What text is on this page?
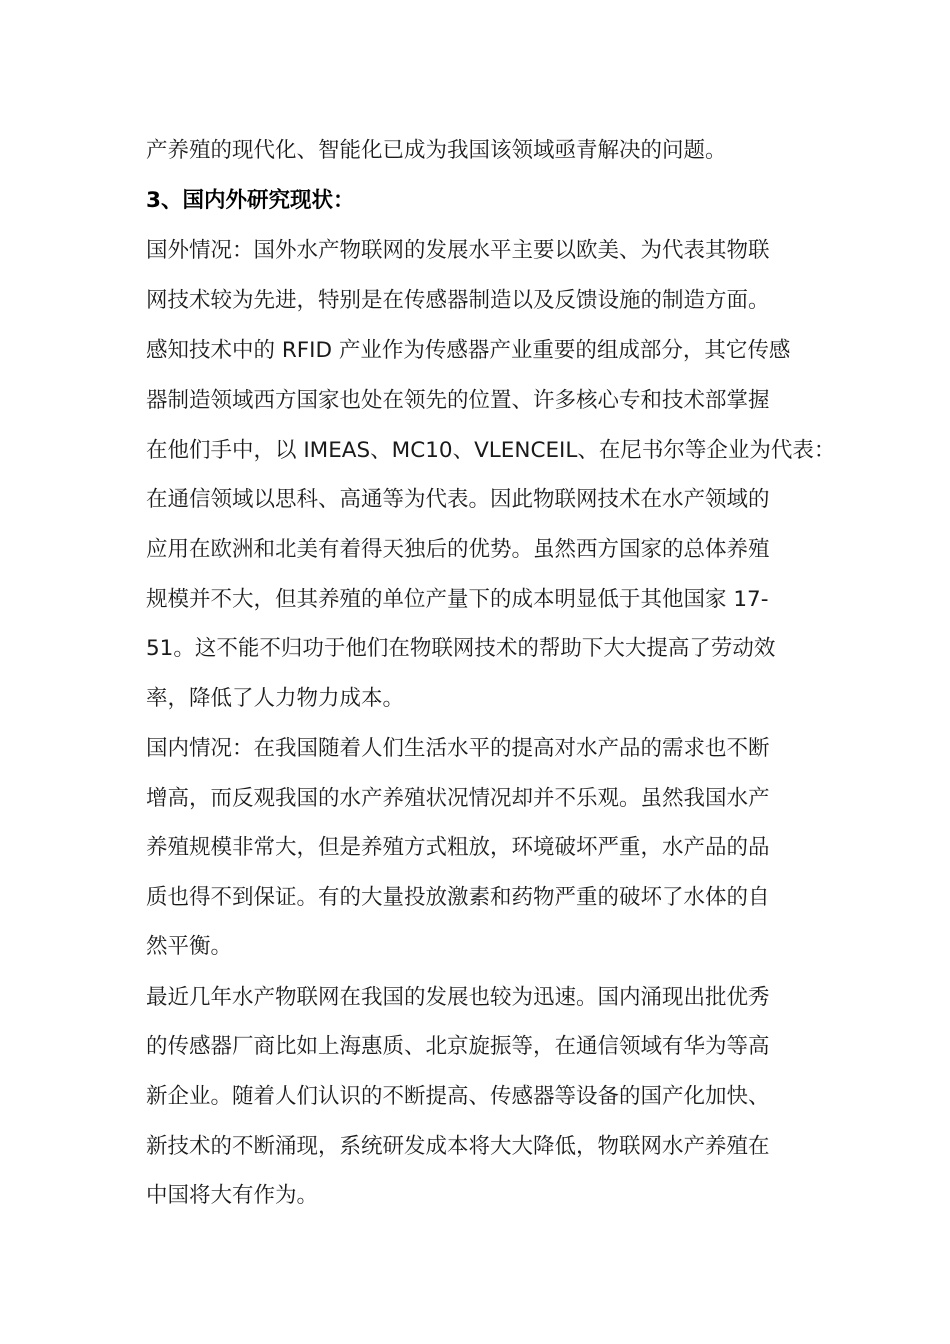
产养殖的现代化、智能化已成为我国该领域亟青解决的问题。
3、国内外研究现状：
国外情况：国外水产物联网的发展水平主要以欧美、为代表其物联
网技术较为先进，特别是在传感器制造以及反馈设施的制造方面。
感知技术中的 RFID 产业作为传感器产业重要的组成部分，其它传感
器制造领域西方国家也处在领先的位置、许多核心专和技术部掌握
在他们手中，以 IMEAS、MC10、VLENCEIL、在尼书尔等企业为代表：
在通信领域以思科、高通等为代表。因此物联网技术在水产领域的
应用在欧洲和北美有着得天独后的优势。虽然西方国家的总体养殖
规模并不大，但其养殖的单位产量下的成本明显低于其他国家 17-
51。这不能不归功于他们在物联网技术的帮助下大大提高了劳动效
率，降低了人力物力成本。
国内情况：在我国随着人们生活水平的提高对水产品的需求也不断
增高，而反观我国的水产养殖状况情况却并不乐观。虽然我国水产
养殖规模非常大，但是养殖方式粗放，环境破坏严重，水产品的品
质也得不到保证。有的大量投放激素和药物严重的破坏了水体的自
然平衡。
最近几年水产物联网在我国的发展也较为迅速。国内涌现出批优秀
的传感器厂商比如上海惠质、北京旋振等，在通信领域有华为等高
新企业。随着人们认识的不断提高、传感器等设备的国产化加快、
新技术的不断涌现，系统研发成本将大大降低，物联网水产养殖在
中国将大有作为。
